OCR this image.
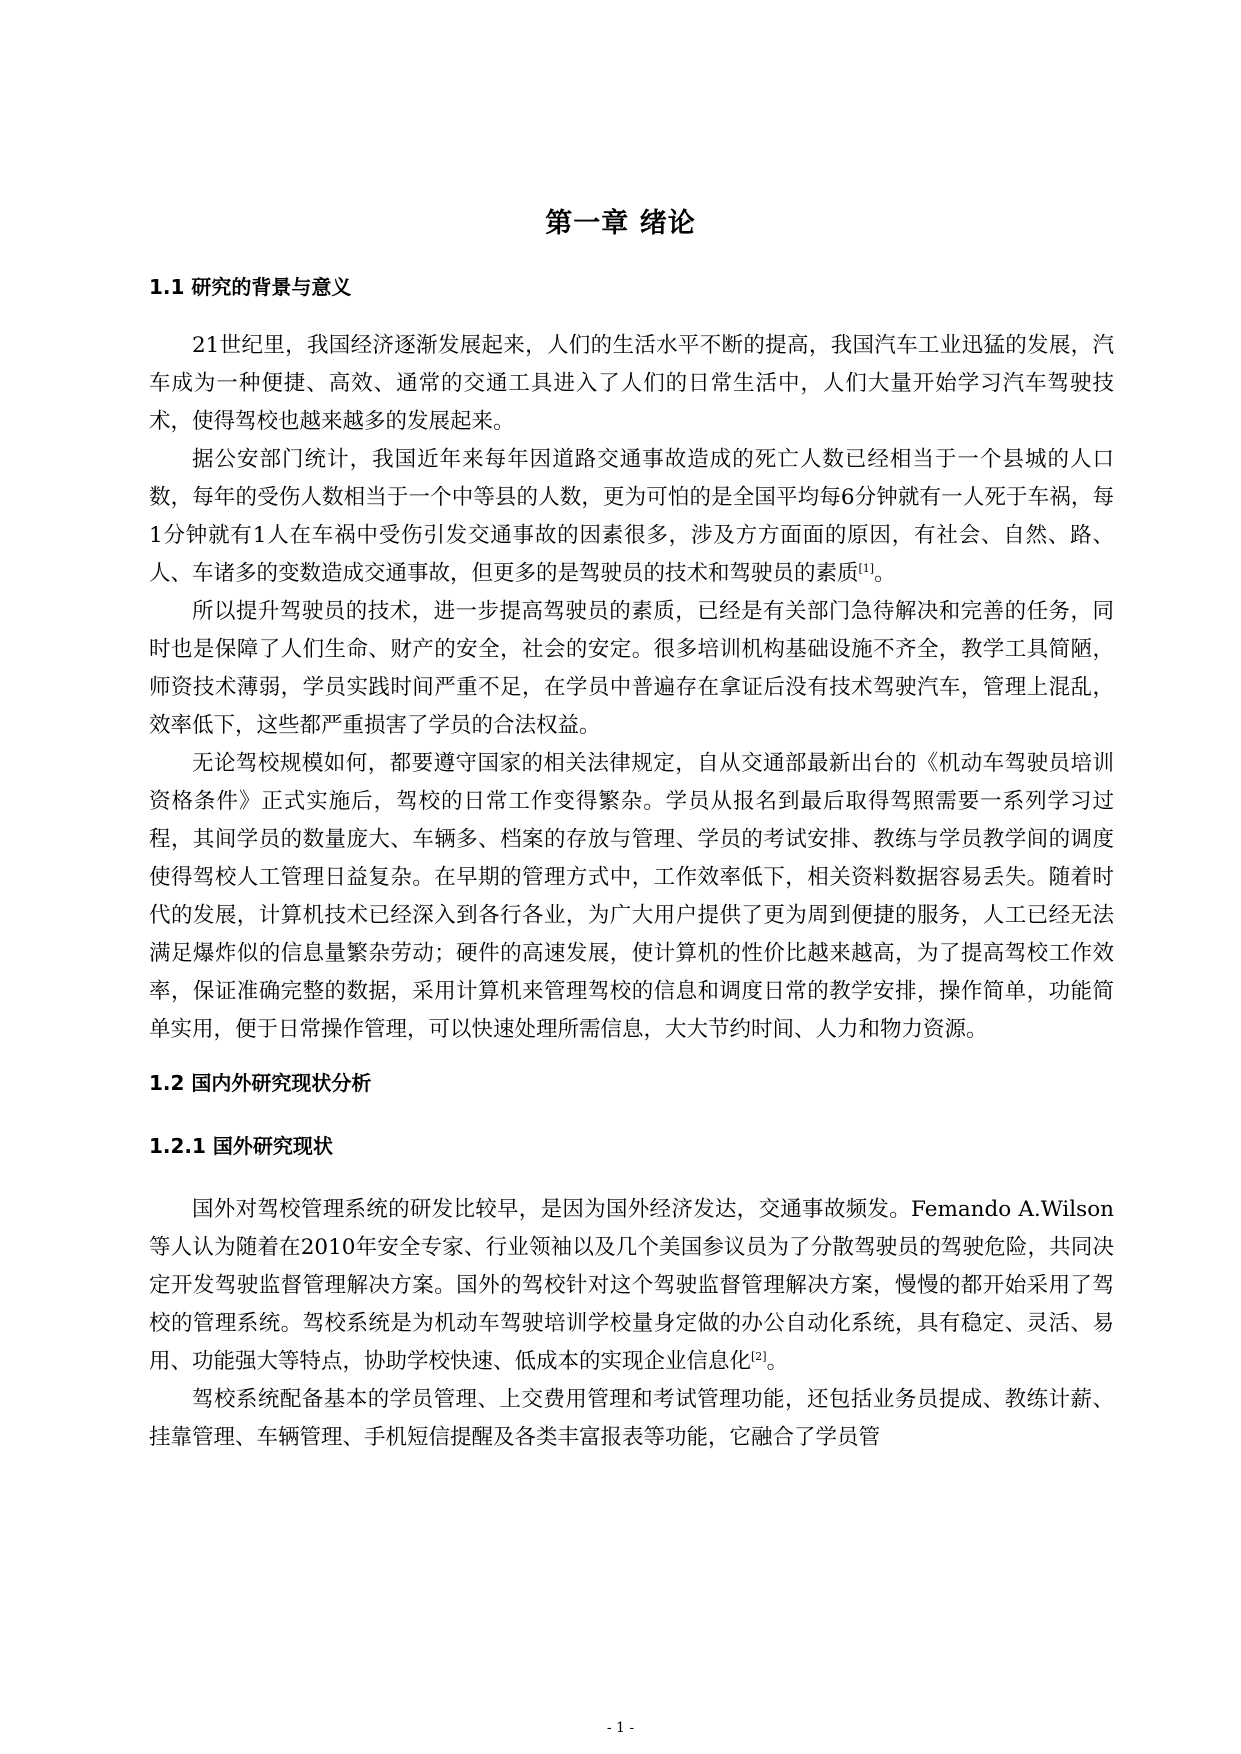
第一章 绪论
1.1 研究的背景与意义

21世纪里，我国经济逐渐发展起来，人们的生活水平不断的提高，我国汽车工业迅猛的发展，汽车成为一种便捷、高效、通常的交通工具进入了人们的日常生活中，人们大量开始学习汽车驾驶技术，使得驾校也越来越多的发展起来。

据公安部门统计，我国近年来每年因道路交通事故造成的死亡人数已经相当于一个县城的人口数，每年的受伤人数相当于一个中等县的人数，更为可怕的是全国平均每6分钟就有一人死于车祸，每1分钟就有1人在车祸中受伤引发交通事故的因素很多，涉及方方面面的原因，有社会、自然、路、人、车诸多的变数造成交通事故，但更多的是驾驶员的技术和驾驶员的素质[1]。

所以提升驾驶员的技术，进一步提高驾驶员的素质，已经是有关部门急待解决和完善的任务，同时也是保障了人们生命、财产的安全，社会的安定。很多培训机构基础设施不齐全，教学工具简陋，师资技术薄弱，学员实践时间严重不足，在学员中普遍存在拿证后没有技术驾驶汽车，管理上混乱，效率低下，这些都严重损害了学员的合法权益。

无论驾校规模如何，都要遵守国家的相关法律规定，自从交通部最新出台的《机动车驾驶员培训资格条件》正式实施后，驾校的日常工作变得繁杂。学员从报名到最后取得驾照需要一系列学习过程，其间学员的数量庞大、车辆多、档案的存放与管理、学员的考试安排、教练与学员教学间的调度使得驾校人工管理日益复杂。在早期的管理方式中，工作效率低下，相关资料数据容易丢失。随着时代的发展，计算机技术已经深入到各行各业，为广大用户提供了更为周到便捷的服务，人工已经无法满足爆炸似的信息量繁杂劳动；硬件的高速发展，使计算机的性价比越来越高，为了提高驾校工作效率，保证准确完整的数据，采用计算机来管理驾校的信息和调度日常的教学安排，操作简单，功能简单实用，便于日常操作管理，可以快速处理所需信息，大大节约时间、人力和物力资源。

1.2 国内外研究现状分析
1.2.1 国外研究现状

国外对驾校管理系统的研发比较早，是因为国外经济发达，交通事故频发。Femando A.Wilson等人认为随着在2010年安全专家、行业领袖以及几个美国参议员为了分散驾驶员的驾驶危险，共同决定开发驾驶监督管理解决方案。国外的驾校针对这个驾驶监督管理解决方案，慢慢的都开始采用了驾校的管理系统。驾校系统是为机动车驾驶培训学校量身定做的办公自动化系统，具有稳定、灵活、易用、功能强大等特点，协助学校快速、低成本的实现企业信息化[2]。

驾校系统配备基本的学员管理、上交费用管理和考试管理功能，还包括业务员提成、教练计薪、挂靠管理、车辆管理、手机短信提醒及各类丰富报表等功能，它融合了学员管

- 1 -
